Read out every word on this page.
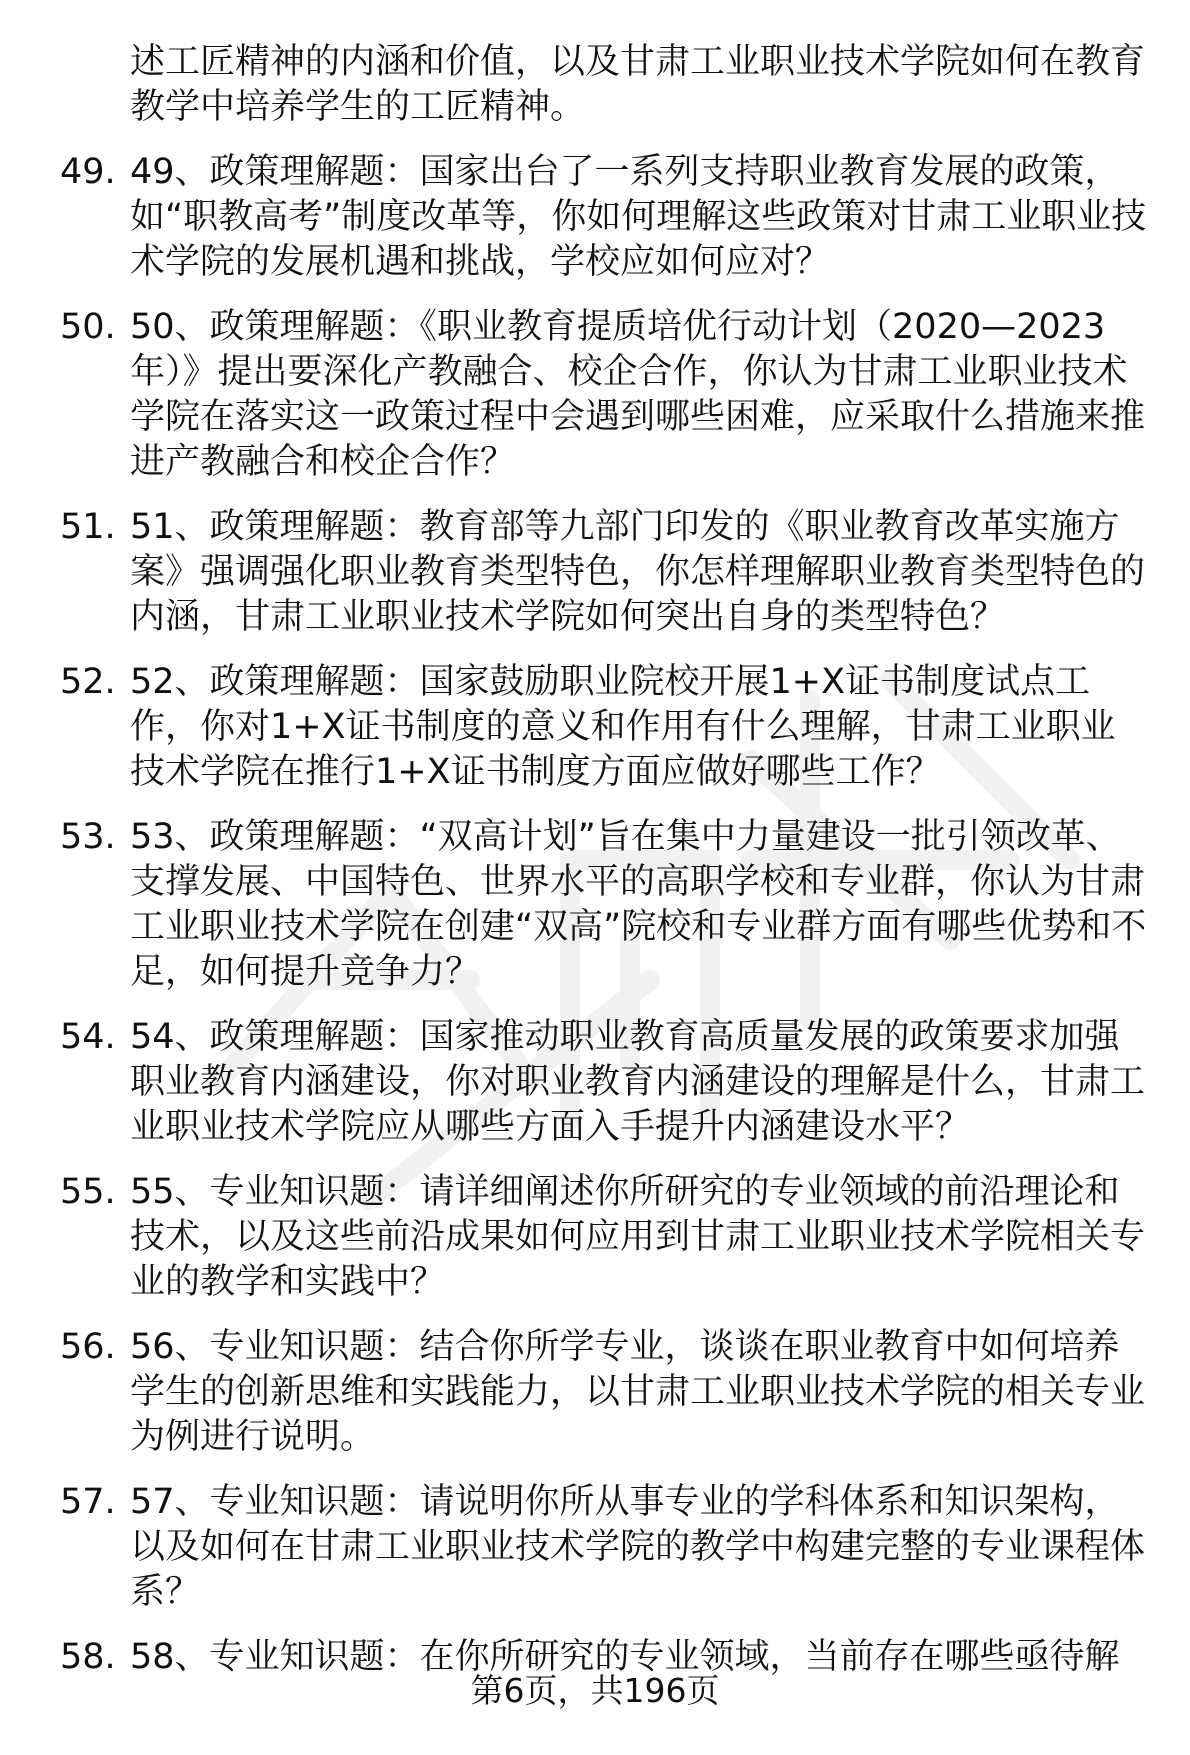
述工匠精神的内涵和价值，以及甘肃工业职业技术学院如何在教育教学中培养学生的工匠精神。

49. 49、政策理解题：国家出台了一系列支持职业教育发展的政策，如“职教高考”制度改革等，你如何理解这些政策对甘肃工业职业技术学院的发展机遇和挑战，学校应如何应对？
50. 50、政策理解题：《职业教育提质培优行动计划（2020—2023年）》提出要深化产教融合、校企合作，你认为甘肃工业职业技术学院在落实这一政策过程中会遇到哪些困难，应采取什么措施来推进产教融合和校企合作？
51. 51、政策理解题：教育部等九部门印发的《职业教育改革实施方案》强调强化职业教育类型特色，你怎样理解职业教育类型特色的内涵，甘肃工业职业技术学院如何突出自身的类型特色？
52. 52、政策理解题：国家鼓励职业院校开展1+X证书制度试点工作，你对1+X证书制度的意义和作用有什么理解，甘肃工业职业技术学院在推行1+X证书制度方面应做好哪些工作？
53. 53、政策理解题：“双高计划”旨在集中力量建设一批引领改革、支撑发展、中国特色、世界水平的高职学校和专业群，你认为甘肃工业职业技术学院在创建“双高”院校和专业群方面有哪些优势和不足，如何提升竞争力？
54. 54、政策理解题：国家推动职业教育高质量发展的政策要求加强职业教育内涵建设，你对职业教育内涵建设的理解是什么，甘肃工业职业技术学院应从哪些方面入手提升内涵建设水平？
55. 55、专业知识题：请详细阐述你所研究的专业领域的前沿理论和技术，以及这些前沿成果如何应用到甘肃工业职业技术学院相关专业的教学和实践中？
56. 56、专业知识题：结合你所学专业，谈谈在职业教育中如何培养学生的创新思维和实践能力，以甘肃工业职业技术学院的相关专业为例进行说明。
57. 57、专业知识题：请说明你所从事专业的学科体系和知识架构，以及如何在甘肃工业职业技术学院的教学中构建完整的专业课程体系？
58. 58、专业知识题：在你所研究的专业领域，当前存在哪些亟待解
第6页，共196页
